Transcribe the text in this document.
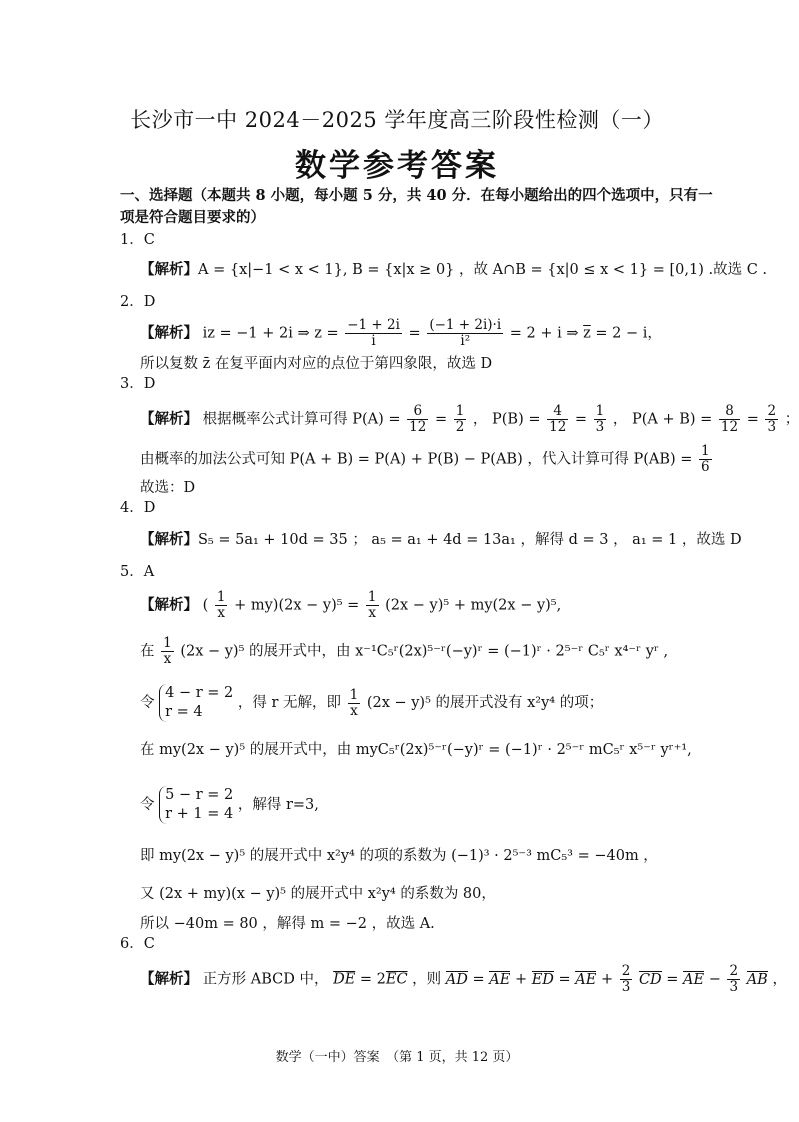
长沙市一中 2024－2025 学年度高三阶段性检测（一）
数学参考答案
一、选择题（本题共 8 小题，每小题 5 分，共 40 分．在每小题给出的四个选项中，只有一
项是符合题目要求的）
1．C
【解析】A = {x|−1 < x < 1}, B = {x|x ≥ 0} ，故 A∩B = {x|0 ≤ x < 1} = [0,1) .故选 C .
2．D
【解析】 iz = −1 + 2i ⇒ $z = \frac{-1 + 2i}{i} = \frac{(-1 + 2i)\cdot i}{\text{i²}} = 2 + i$ ⇒ $\overline{z} = 2 - i$，
所以复数 z̄ 在复平面内对应的点位于第四象限，故选 D
3．D
【解析】 根据概率公式计算可得 $P(A) = \frac{6}{12} = \frac{1}{2}$ ， $P(B) = \frac{4}{12} = \frac{1}{3}$ ， $P(A + B) = \frac{8}{12} = \frac{2}{3}$ ；
由概率的加法公式可知 P(A + B) = P(A) + P(B) − P(AB) ，代入计算可得 $P(AB) = \frac{1}{6}$
故选：D
4．D
【解析】S₅ = 5a₁ + 10d = 35 ； a₅ = a₁ + 4d = 13a₁ ，解得 d = 3 ， a₁ = 1 ，故选 D
5．A
【解析】 ( $\frac{1}{x} + my)(2x - y)^5 = \frac{1}{x} (2x - y)^5 + my(2x - y)^5$,
在 $\frac{1}{x} (2x - y)^5$ 的展开式中，由 x⁻¹C₅ʳ(2x)⁵⁻ʳ(−y)ʳ = (−1)ʳ · 2⁵⁻ʳ C₅ʳ x⁴⁻ʳ yʳ ,
令
4 − r = 2
r = 4
，得 r 无解，即 $\frac{1}{x} (2x - y)^5$ 的展开式没有 x²y⁴ 的项；
在 my(2x − y)⁵ 的展开式中，由 myC₅ʳ(2x)⁵⁻ʳ(−y)ʳ = (−1)ʳ · 2⁵⁻ʳ mC₅ʳ x⁵⁻ʳ yʳ⁺¹,
令
5 − r = 2
r + 1 = 4
，解得 r=3,
即 my(2x − y)⁵ 的展开式中 x²y⁴ 的项的系数为 (−1)³ · 2⁵⁻³ mC₅³ = −40m ，
又 (2x + my)(x − y)⁵ 的展开式中 x²y⁴ 的系数为 80，
所以 −40m = 80 ，解得 m = −2 ，故选 A.
6．C
【解析】 正方形 ABCD 中， $\overline{DE} = 2\overline{EC}$ ，则 AD = AE + ED = AE + $\frac{2}{3}$ CD = AE − $\frac{2}{3}$ AB ，
数学（一中）答案　（第 1 页，共 12 页）
